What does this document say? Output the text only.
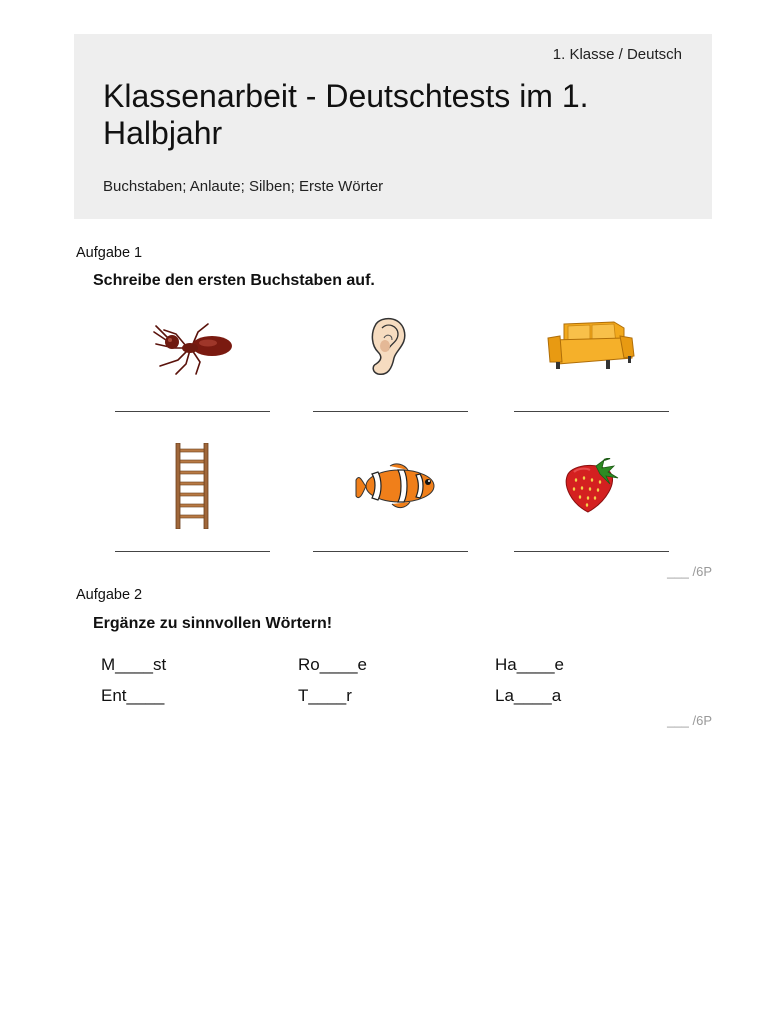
1. Klasse / Deutsch
Klassenarbeit - Deutschtests im 1. Halbjahr
Buchstaben; Anlaute; Silben; Erste Wörter
Aufgabe 1
Schreibe den ersten Buchstaben auf.
___ /6P
Aufgabe 2
Ergänze zu sinnvollen Wörtern!
M____st	Ro____e	Ha____e
Ent____	T____r	La____a
___ /6P
